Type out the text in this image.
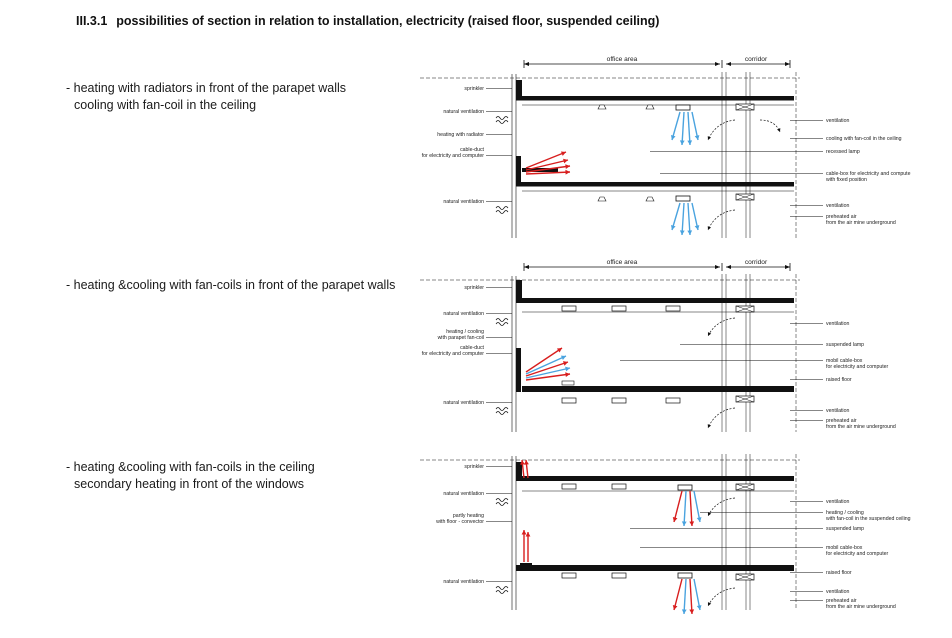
III.3.1 possibilities of section in relation to installation, electricity (raised floor, suspended ceiling)
- heating with radiators in front of the parapet walls
cooling with fan-coil in the ceiling
- heating &cooling with fan-coils in front of the parapet walls
- heating &cooling with fan-coils in the ceiling
secondary heating in front of the windows
office area	corridor
sprinkler
natural ventilation
heating with radiator
cable-duct
for electricity and computer
natural ventilation
ventilation
cooling with fan-coil in the ceiling
recessed lamp
cable-box for electricity and compute
with fixed position
ventilation
preheated air
from the air mine underground
office area	corridor
sprinkler
natural ventilation
heating / cooling
with parapet fan-coil
cable-duct
for electricity and computer
natural ventilation
ventilation
suspended lamp
mobil cable-box
for electricity and computer
raised floor
ventilation
preheated air
from the air mine underground
sprinkler
natural ventilation
partly heating
with floor - convector
natural ventilation
ventilation
heating / cooling
with fan-coil in the suspended ceiling
suspended lamp
mobil cable-box
for electricity and computer
raised floor
ventilation
preheated air
from the air mine underground
